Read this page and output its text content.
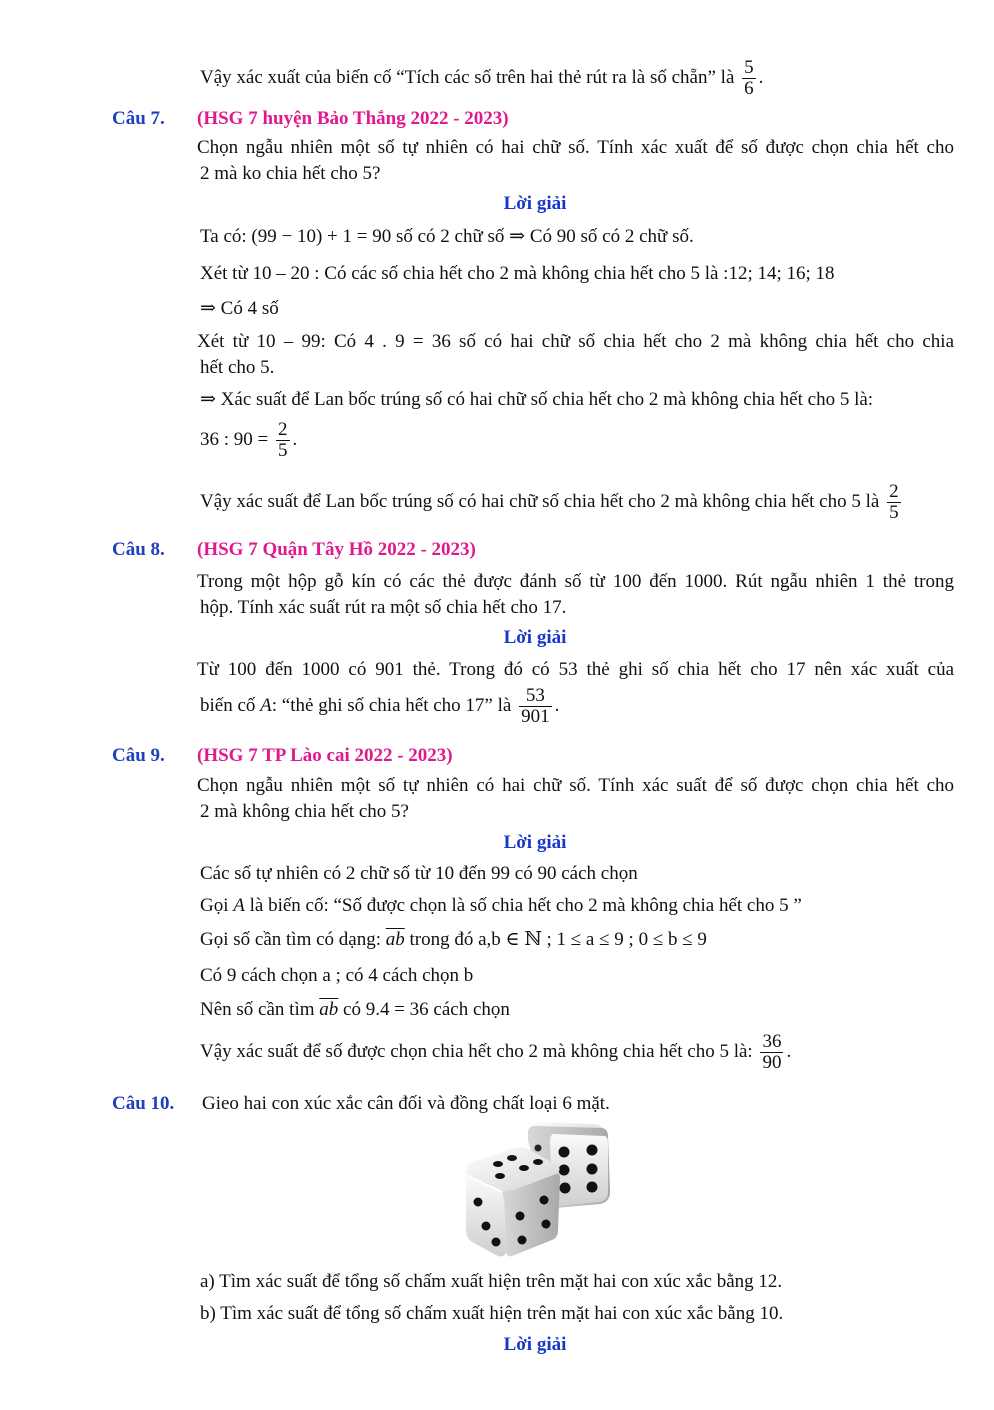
Vậy xác xuất của biến cố “Tích các số trên hai thẻ rút ra là số chẵn” là $\frac{5}{6}$ .
Câu 7. (HSG 7 huyện Bảo Thắng 2022 - 2023)
Chọn ngẫu nhiên một số tự nhiên có hai chữ số. Tính xác xuất để số được chọn chia hết cho
2 mà ko chia hết cho 5?
Lời giải
Ta có: (99 − 10) + 1 = 90 số có 2 chữ số ⇒ Có 90 số có 2 chữ số.
Xét từ 10 – 20 : Có các số chia hết cho 2 mà không chia hết cho 5 là :12; 14; 16; 18
⇒ Có 4 số
Xét từ 10 – 99: Có 4 . 9 = 36 số có hai chữ số chia hết cho 2 mà không chia hết cho chia
hết cho 5.
⇒ Xác suất để Lan bốc trúng số có hai chữ số chia hết cho 2 mà không chia hết cho 5 là:
36 : $90 = \frac{2}{5}$ .
Vậy xác suất để Lan bốc trúng số có hai chữ số chia hết cho 2 mà không chia hết cho 5 là $\frac{2}{5}$
Câu 8. (HSG 7 Quận Tây Hồ 2022 - 2023)
Trong một hộp gỗ kín có các thẻ được đánh số từ 100 đến 1000. Rút ngẫu nhiên 1 thẻ trong
hộp. Tính xác suất rút ra một số chia hết cho 17.
Lời giải
Từ 100 đến 1000 có 901 thẻ. Trong đó có 53 thẻ ghi số chia hết cho 17 nên xác xuất của
biến cố A: “thẻ ghi số chia hết cho 17” là $\frac{53}{901}$ .
Câu 9. (HSG 7 TP Lào cai 2022 - 2023)
Chọn ngẫu nhiên một số tự nhiên có hai chữ số. Tính xác suất để số được chọn chia hết cho
2 mà không chia hết cho 5?
Lời giải
Các số tự nhiên có 2 chữ số từ 10 đến 99 có 90 cách chọn
Gọi A là biến cố: “Số được chọn là số chia hết cho 2 mà không chia hết cho 5 ”
Gọi số cần tìm có dạng: $\overline{ab}$ trong đó a,b ∈ ℕ ; 1 ≤ a ≤ 9 ; 0 ≤ b ≤ 9
Có 9 cách chọn a ; có 4 cách chọn b
Nên số cần tìm $\overline{ab}$ có 9.4 = 36 cách chọn
Vậy xác suất để số được chọn chia hết cho 2 mà không chia hết cho 5 là: $\frac{36}{90}$ .
Câu 10. Gieo hai con xúc xắc cân đối và đồng chất loại 6 mặt.
a) Tìm xác suất để tổng số chấm xuất hiện trên mặt hai con xúc xắc bằng 12.
b) Tìm xác suất để tổng số chấm xuất hiện trên mặt hai con xúc xắc bằng 10.
Lời giải
